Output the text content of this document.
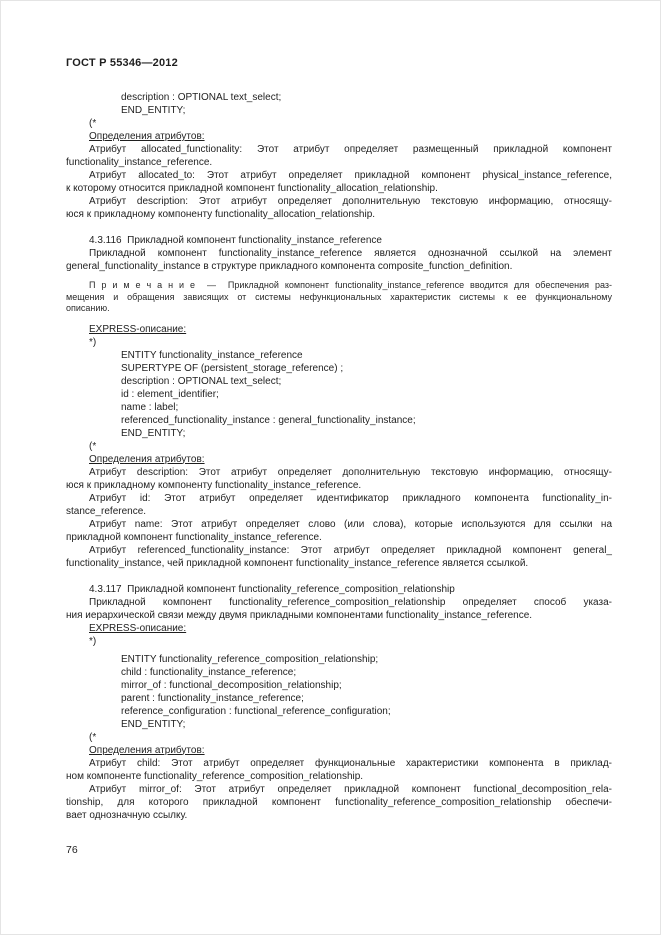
ГОСТ Р 55346—2012
description : OPTIONAL text_select;
END_ENTITY;
(*
Определения атрибутов:
Атрибут allocated_functionality: Этот атрибут определяет размещенный прикладной компонент
functionality_instance_reference.
Атрибут allocated_to: Этот атрибут определяет прикладной компонент physical_instance_reference,
к которому относится прикладной компонент functionality_allocation_relationship.
Атрибут description: Этот атрибут определяет дополнительную текстовую информацию, относящу-
юся к прикладному компоненту functionality_allocation_relationship.
4.3.116  Прикладной компонент functionality_instance_reference
Прикладной компонент functionality_instance_reference является однозначной ссылкой на элемент
general_functionality_instance в структуре прикладного компонента composite_function_definition.
П р и м е ч а н и е  —  Прикладной компонент functionality_instance_reference вводится для обеспечения раз-
мещения и обращения зависящих от системы нефункциональных характеристик системы к ее функциональному
описанию.
EXPRESS-описание:
*)
ENTITY functionality_instance_reference
SUPERTYPE OF (persistent_storage_reference) ;
description : OPTIONAL text_select;
id : element_identifier;
name : label;
referenced_functionality_instance : general_functionality_instance;
END_ENTITY;
(*
Определения атрибутов:
Атрибут description: Этот атрибут определяет дополнительную текстовую информацию, относящу-
юся к прикладному компоненту functionality_instance_reference.
Атрибут id: Этот атрибут определяет идентификатор прикладного компонента functionality_in-
stance_reference.
Атрибут name: Этот атрибут определяет слово (или слова), которые используются для ссылки на
прикладной компонент functionality_instance_reference.
Атрибут referenced_functionality_instance: Этот атрибут определяет прикладной компонент general_
functionality_instance, чей прикладной компонент functionality_instance_reference является ссылкой.
4.3.117  Прикладной компонент functionality_reference_composition_relationship
Прикладной компонент functionality_reference_composition_relationship определяет способ указа-
ния иерархической связи между двумя прикладными компонентами functionality_instance_reference.
EXPRESS-описание:
*)
ENTITY functionality_reference_composition_relationship;
child : functionality_instance_reference;
mirror_of : functional_decomposition_relationship;
parent : functionality_instance_reference;
reference_configuration : functional_reference_configuration;
END_ENTITY;
(*
Определения атрибутов:
Атрибут child: Этот атрибут определяет функциональные характеристики компонента в приклад-
ном компоненте functionality_reference_composition_relationship.
Атрибут mirror_of: Этот атрибут определяет прикладной компонент functional_decomposition_rela-
tionship, для которого прикладной компонент functionality_reference_composition_relationship обеспечи-
вает однозначную ссылку.
76
